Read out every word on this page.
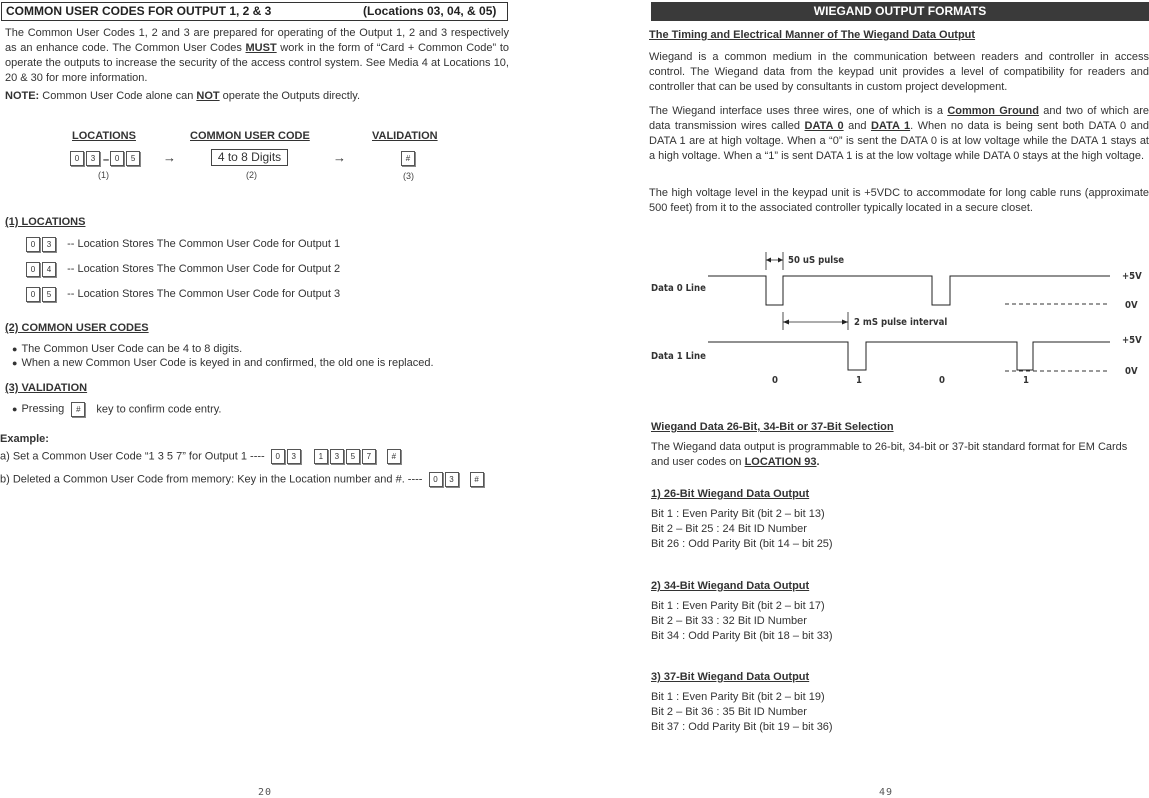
COMMON USER CODES FOR OUTPUT 1, 2 & 3	(Locations 03, 04, & 05)
The Common User Codes 1, 2 and 3 are prepared for operating of the Output 1, 2 and 3 respectively as an enhance code. The Common User Codes MUST work in the form of “Card + Common Code” to operate the outputs to increase the security of the access control system. See Media 4 at Locations 10, 20 & 30 for more information.
NOTE: Common User Code alone can NOT operate the Outputs directly.
LOCATIONS	COMMON USER CODE	VALIDATION
0 3 – 0 5	→	4 to 8 Digits	→	#
(1)	(2)	(3)
(1) LOCATIONS
0 3 -- Location Stores The Common User Code for Output 1
0 4 -- Location Stores The Common User Code for Output 2
0 5 -- Location Stores The Common User Code for Output 3
(2) COMMON USER CODES
● The Common User Code can be 4 to 8 digits.
● When a new Common User Code is keyed in and confirmed, the old one is replaced.
(3) VALIDATION
● Pressing # key to confirm code entry.
Example:
a) Set a Common User Code “1 3 5 7” for Output 1 ---- 0 3	1 3 5 7	#
b) Deleted a Common User Code from memory: Key in the Location number and #. ---- 0 3	#
20
WIEGAND OUTPUT FORMATS
The Timing and Electrical Manner of The Wiegand Data Output
Wiegand is a common medium in the communication between readers and controller in access control. The Wiegand data from the keypad unit provides a level of compatibility for readers and controller that can be used by consultants in custom project development.
The Wiegand interface uses three wires, one of which is a Common Ground and two of which are data transmission wires called DATA 0 and DATA 1. When no data is being sent both DATA 0 and DATA 1 are at high voltage. When a “0” is sent the DATA 0 is at low voltage while the DATA 1 stays at a high voltage. When a “1” is sent DATA 1 is at the low voltage while DATA 0 stays at the high voltage.
The high voltage level in the keypad unit is +5VDC to accommodate for long cable runs (approximate 500 feet) from it to the associated controller typically located in a secure closet.
50 uS pulse
2 mS pulse interval
Data 0 Line
Data 1 Line
+5V
0V
+5V
0V
0	1	0	1
Wiegand Data 26-Bit, 34-Bit or 37-Bit Selection
The Wiegand data output is programmable to 26-bit, 34-bit or 37-bit standard format for EM Cards and user codes on LOCATION 93.
1) 26-Bit Wiegand Data Output
Bit 1 : Even Parity Bit (bit 2 – bit 13)
Bit 2 – Bit 25 : 24 Bit ID Number
Bit 26 : Odd Parity Bit (bit 14 – bit 25)
2) 34-Bit Wiegand Data Output
Bit 1 : Even Parity Bit (bit 2 – bit 17)
Bit 2 – Bit 33 : 32 Bit ID Number
Bit 34 : Odd Parity Bit (bit 18 – bit 33)
3) 37-Bit Wiegand Data Output
Bit 1 : Even Parity Bit (bit 2 – bit 19)
Bit 2 – Bit 36 : 35 Bit ID Number
Bit 37 : Odd Parity Bit (bit 19 – bit 36)
49
